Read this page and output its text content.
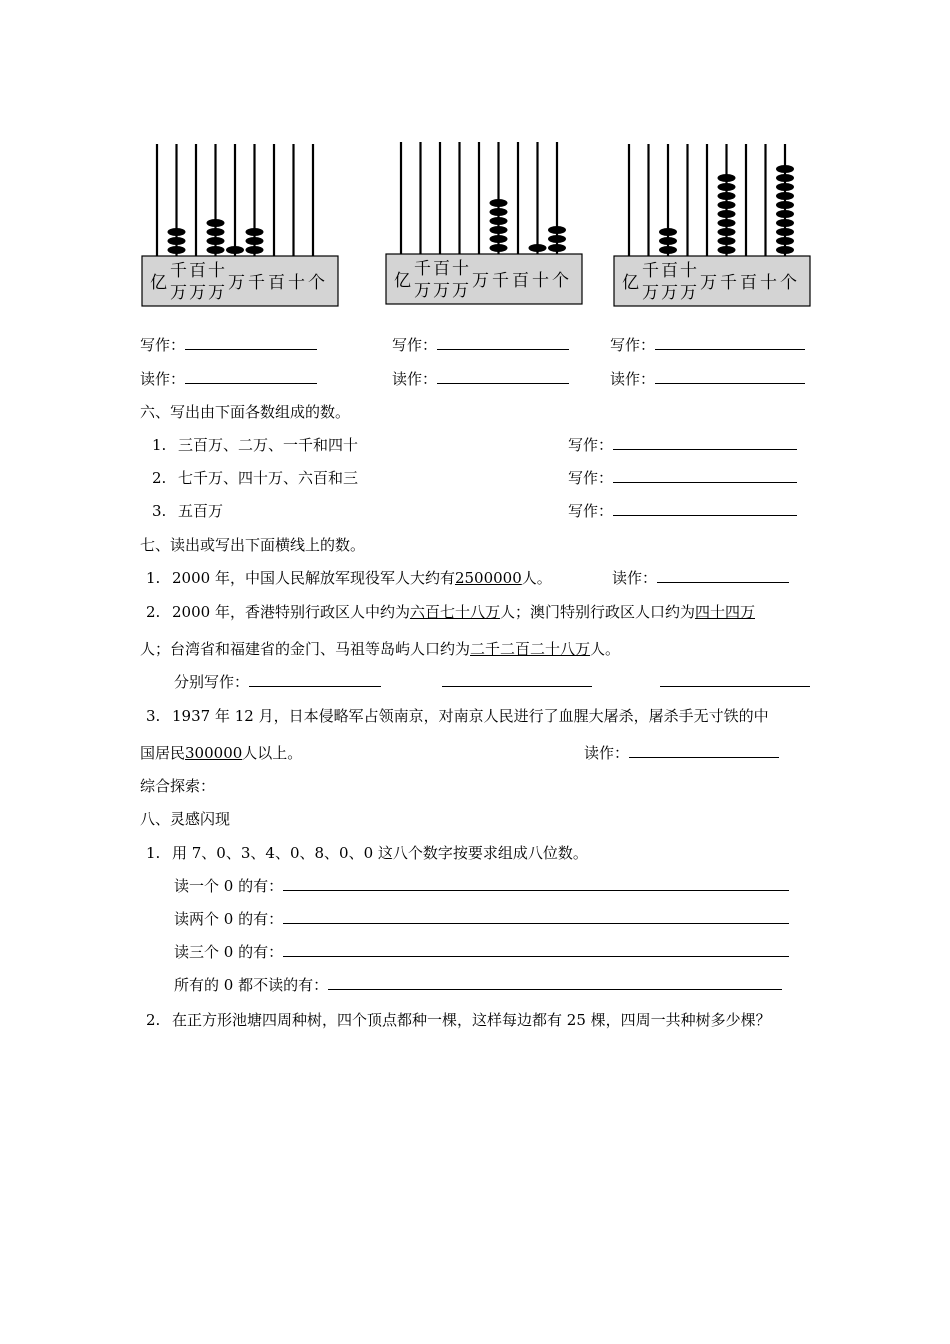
亿
千
万
百
万
十
万 万 千 百 十 个	亿
千
万
百
万
十
万 万 千 百 十 个	亿
千
万
百
万
十
万 万 千 百 十 个
写作：	写作：	写作：
读作：	读作：	读作：
六、写出由下面各数组成的数。
1. 三百万、二万、一千和四十	写作：
2. 七千万、四十万、六百和三	写作：
3. 五百万	写作：
七、读出或写出下面横线上的数。
1. 2000 年，中国人民解放军现役军人大约有2500000人。	读作：
2. 2000 年，香港特别行政区人中约为六百七十八万人；澳门特别行政区人口约为四十四万
人；台湾省和福建省的金门、马祖等岛屿人口约为二千二百二十八万人。
分别写作：
3. 1937 年 12 月，日本侵略军占领南京，对南京人民进行了血腥大屠杀，屠杀手无寸铁的中
国居民300000人以上。	读作：
综合探索：
八、灵感闪现
1. 用 7、0、3、4、0、8、0、0 这八个数字按要求组成八位数。
读一个 0 的有：
读两个 0 的有：
读三个 0 的有：
所有的 0 都不读的有：
2. 在正方形池塘四周种树，四个顶点都种一棵，这样每边都有 25 棵，四周一共种树多少棵？
